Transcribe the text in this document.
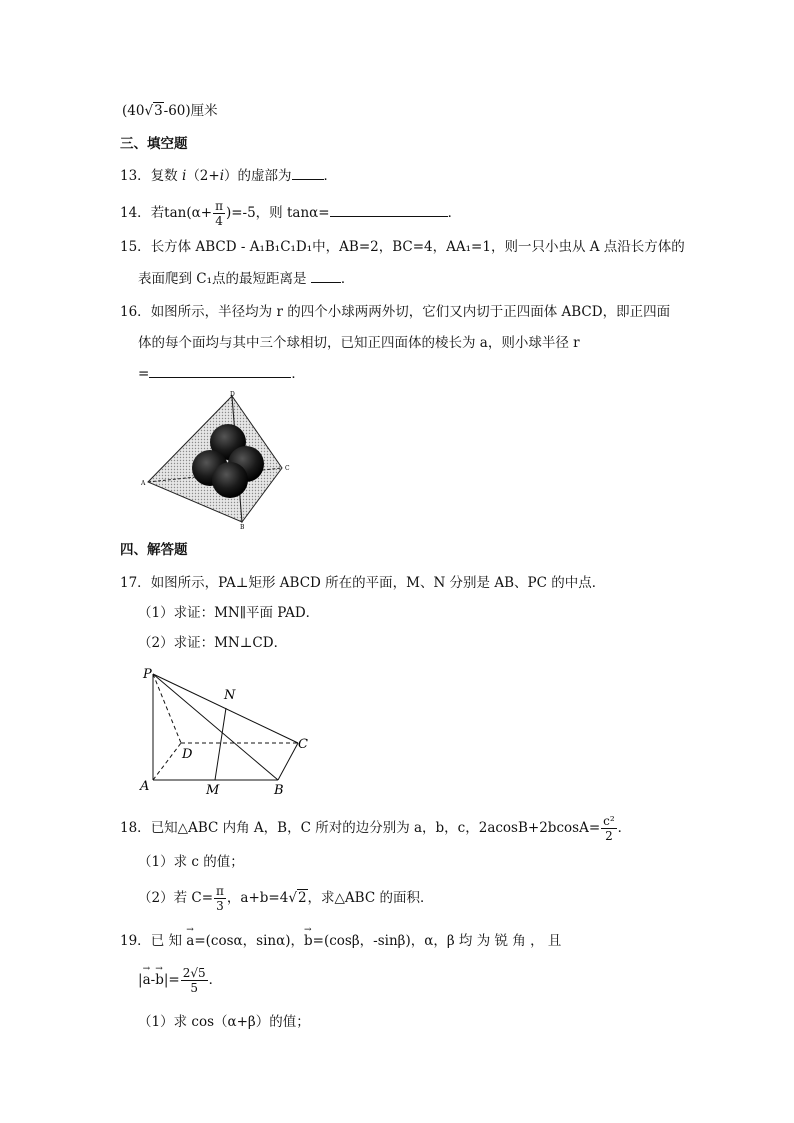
(40√3-60)厘米
三、填空题
13．复数 i（2+i）的虚部为 ．
14．若$\tan(\alpha+ \frac{\pi}{4} )=-5$，则 tanα=	．
15．长方体 ABCD - A₁B₁C₁D₁中，AB=2，BC=4，AA₁=1，则一只小虫从 A 点沿长方体的
表面爬到 C₁点的最短距离是 ．
16．如图所示，半径均为 r 的四个小球两两外切，它们又内切于正四面体 ABCD，即正四面
体的每个面均与其中三个球相切，已知正四面体的棱长为 a，则小球半径 r
=	．
D
A
B
C
四、解答题
17．如图所示，PA⊥矩形 ABCD 所在的平面，M、N 分别是 AB、PC 的中点．
（1）求证：MN∥平面 PAD．
（2）求证：MN⊥CD．
P
N
D
C
A	M	B
18．已知△ABC 内角 A，B，C 所对的边分别为 a，b，c，$2acosB+2bcosA= \frac{\text{c²}}{2}$ ．
（1）求 c 的值；
（2）若 $C= \frac{\pi}{3}$ ，a+b=4√2，求△ABC 的面积．
19．已 知 → a=(cosα，sinα)，→ b=(cosβ，-sinβ)，α，β 均 为 锐 角 ， 且
|→ $a-\to b|= \frac{2√5}{5}$ ．
（1）求 cos（α+β）的值；
